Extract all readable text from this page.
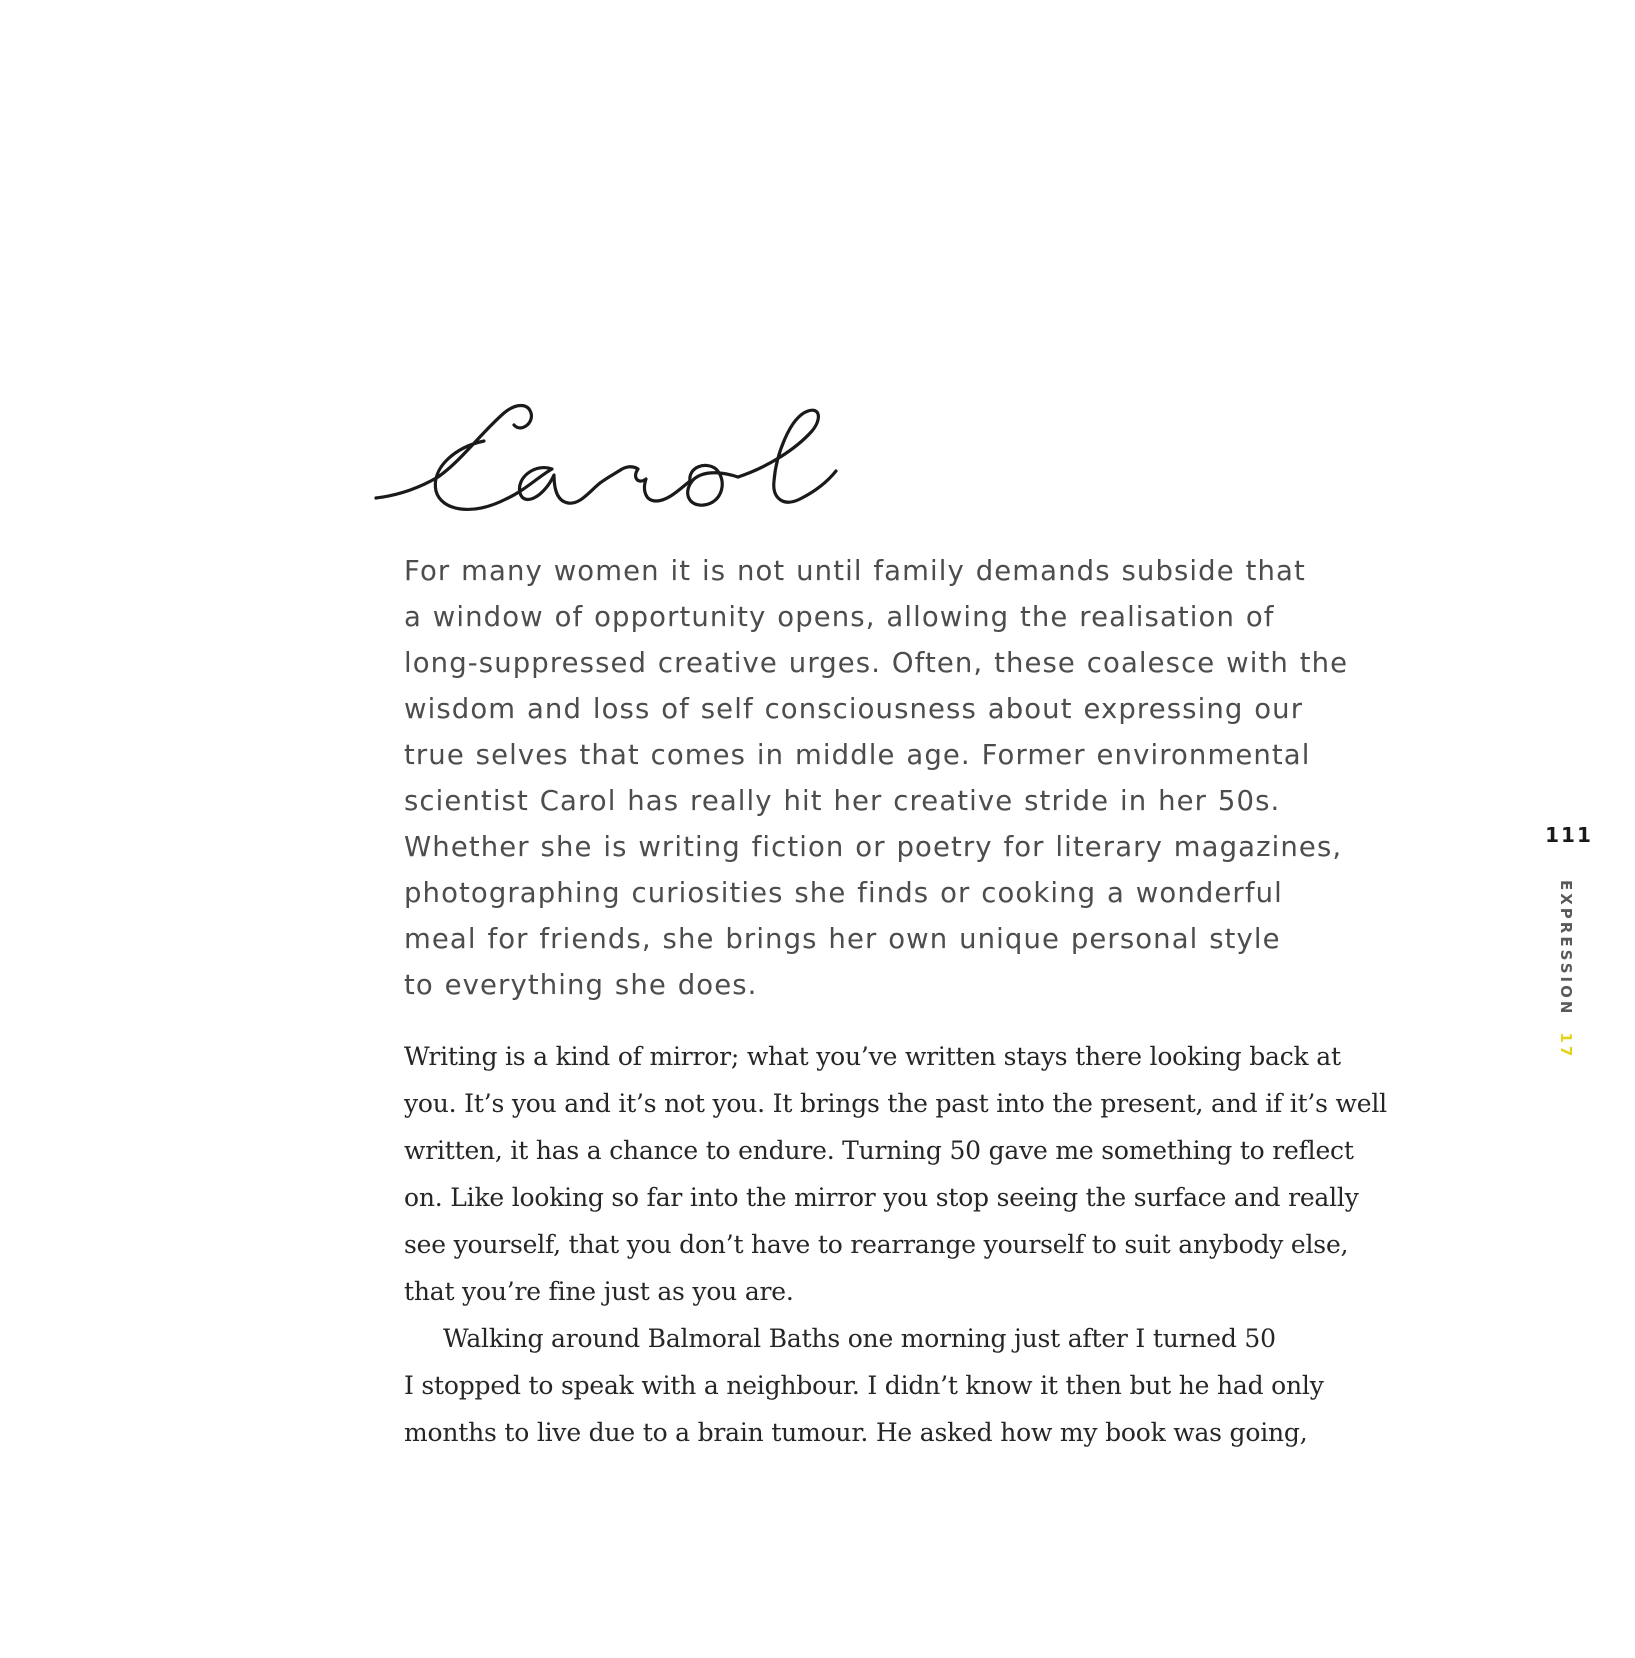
For many women it is not until family demands subside that
a window of opportunity opens, allowing the realisation of
long-suppressed creative urges. Often, these coalesce with the
wisdom and loss of self consciousness about expressing our
true selves that comes in middle age. Former environmental
scientist Carol has really hit her creative stride in her 50s.
Whether she is writing fiction or poetry for literary magazines,
photographing curiosities she finds or cooking a wonderful
meal for friends, she brings her own unique personal style
to everything she does.

Writing is a kind of mirror; what you’ve written stays there looking back at
you. It’s you and it’s not you. It brings the past into the present, and if it’s well
written, it has a chance to endure. Turning 50 gave me something to reflect
on. Like looking so far into the mirror you stop seeing the surface and really
see yourself, that you don’t have to rearrange yourself to suit anybody else,
that you’re fine just as you are.
Walking around Balmoral Baths one morning just after I turned 50
I stopped to speak with a neighbour. I didn’t know it then but he had only
months to live due to a brain tumour. He asked how my book was going,
111
EXPRESSION17
